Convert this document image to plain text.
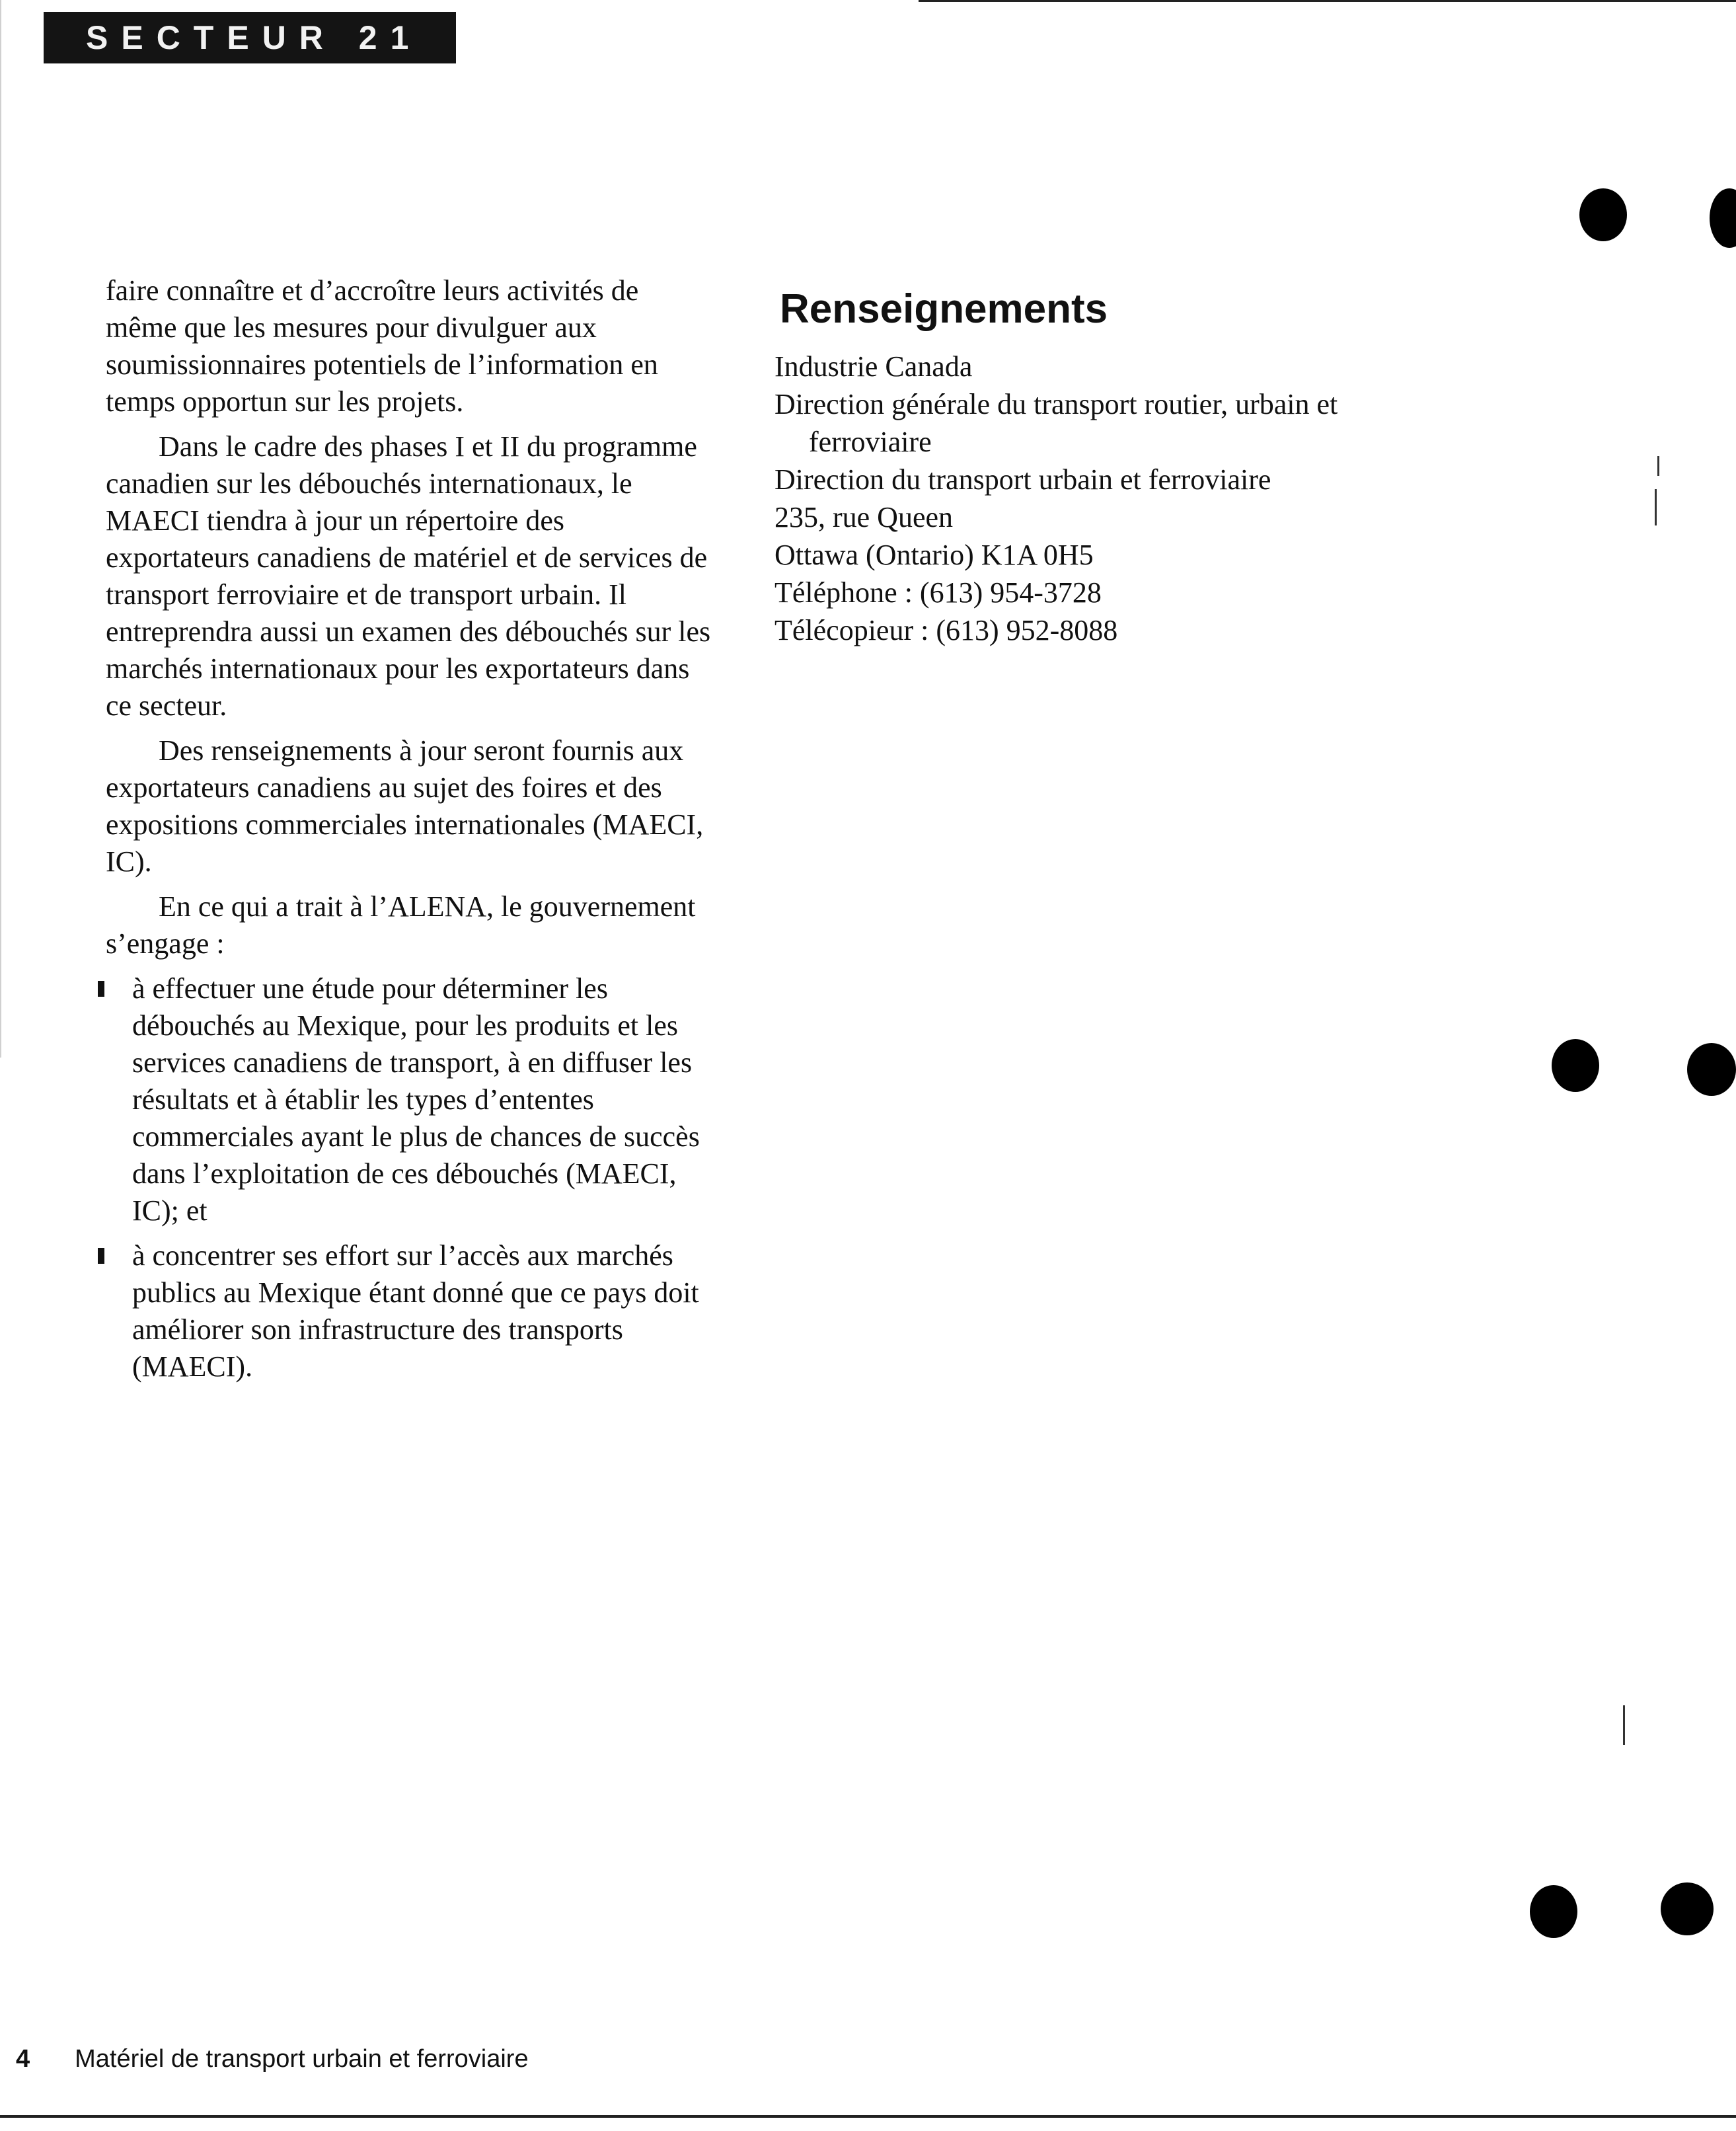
SECTEUR 21

faire connaître et d’accroître leurs activités de même que les mesures pour divulguer aux soumissionnaires potentiels de l’information en temps opportun sur les projets.

Dans le cadre des phases I et II du programme canadien sur les débouchés internationaux, le MAECI tiendra à jour un répertoire des exportateurs canadiens de matériel et de services de transport ferroviaire et de transport urbain. Il entreprendra aussi un examen des débouchés sur les marchés internationaux pour les exportateurs dans ce secteur.

Des renseignements à jour seront fournis aux exportateurs canadiens au sujet des foires et des expositions commerciales internationales (MAECI, IC).

En ce qui a trait à l’ALENA, le gouvernement s’engage :

à effectuer une étude pour déterminer les débouchés au Mexique, pour les produits et les services canadiens de transport, à en diffuser les résultats et à établir les types d’ententes commerciales ayant le plus de chances de succès dans l’exploitation de ces débouchés (MAECI, IC); et
à concentrer ses effort sur l’accès aux marchés publics au Mexique étant donné que ce pays doit améliorer son infrastructure des transports (MAECI).
Renseignements

Industrie Canada

Direction générale du transport routier, urbain et

ferroviaire

Direction du transport urbain et ferroviaire

235, rue Queen

Ottawa (Ontario) K1A 0H5

Téléphone : (613) 954-3728

Télécopieur : (613) 952-8088

4 Matériel de transport urbain et ferroviaire
